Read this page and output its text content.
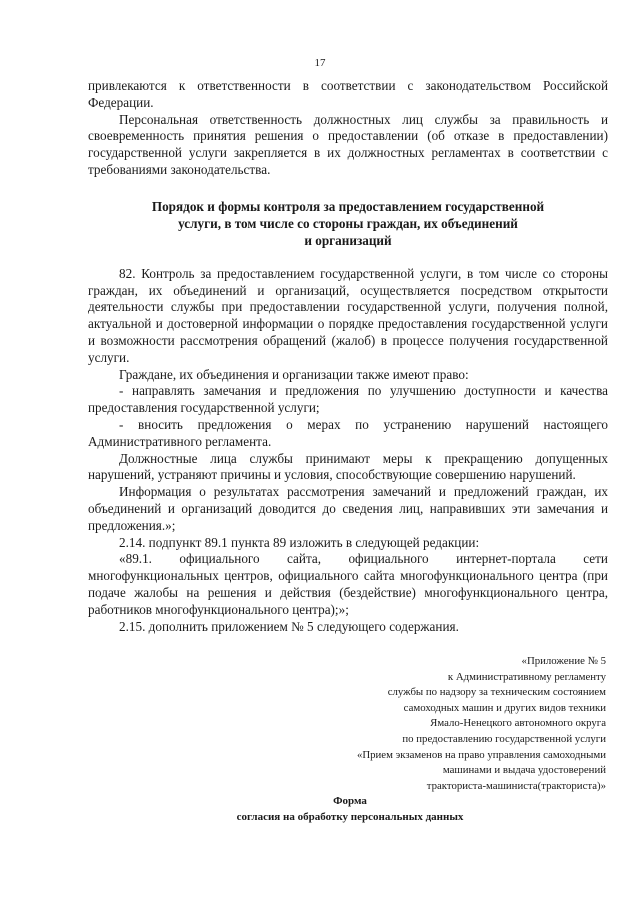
17

привлекаются к ответственности в соответствии с законодательством Российской Федерации.

Персональная ответственность должностных лиц службы за правильность и своевременность принятия решения о предоставлении (об отказе в предоставлении) государственной услуги закрепляется в их должностных регламентах в соответствии с требованиями законодательства.

Порядок и формы контроля за предоставлением государственной
услуги, в том числе со стороны граждан, их объединений
и организаций

82. Контроль за предоставлением государственной услуги, в том числе со стороны граждан, их объединений и организаций, осуществляется посредством открытости деятельности службы при предоставлении государственной услуги, получения полной, актуальной и достоверной информации о порядке предоставления государственной услуги и возможности рассмотрения обращений (жалоб) в процессе получения государственной услуги.

Граждане, их объединения и организации также имеют право:

- направлять замечания и предложения по улучшению доступности и качества предоставления государственной услуги;

- вносить предложения о мерах по устранению нарушений настоящего Административного регламента.

Должностные лица службы принимают меры к прекращению допущенных нарушений, устраняют причины и условия, способствующие совершению нарушений.

Информация о результатах рассмотрения замечаний и предложений граждан, их объединений и организаций доводится до сведения лиц, направивших эти замечания и предложения.»;

2.14. подпункт 89.1 пункта 89 изложить в следующей редакции:

«89.1. официального сайта, официального интернет-портала сети многофункциональных центров, официального сайта многофункционального центра (при подаче жалобы на решения и действия (бездействие) многофункционального центра, работников многофункционального центра);»;

2.15. дополнить приложением № 5 следующего содержания.

«Приложение № 5
к Административному регламенту
службы по надзору за техническим состоянием
самоходных машин и других видов техники
Ямало-Ненецкого автономного округа
по предоставлению государственной услуги
«Прием экзаменов на право управления самоходными
машинами и выдача удостоверений
тракториста-машиниста(тракториста)»
Форма
согласия на обработку персональных данных
